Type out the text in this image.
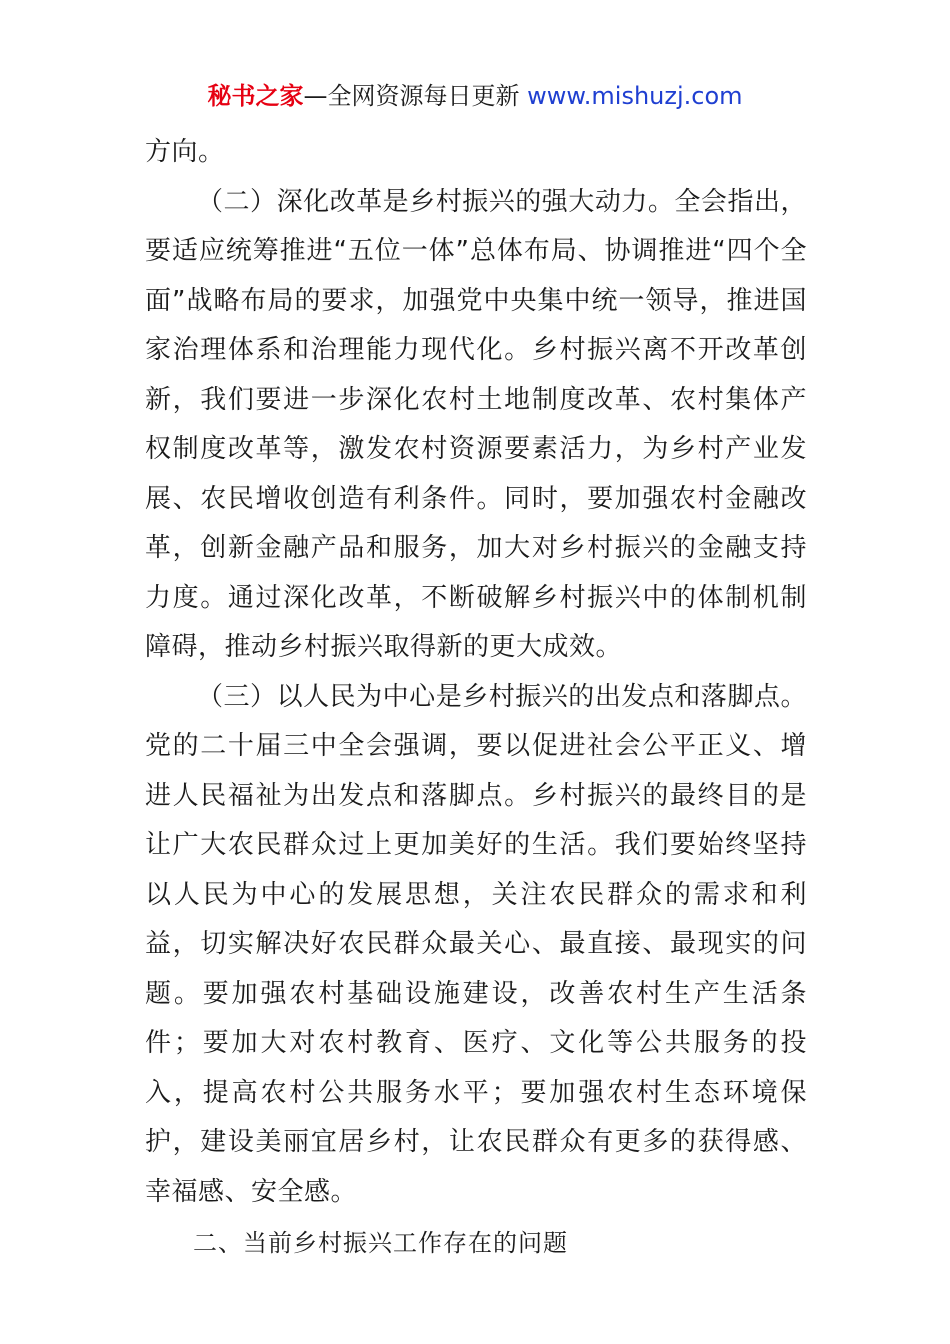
秘书之家—全网资源每日更新 www.mishuzj.com

方向。

（二）深化改革是乡村振兴的强大动力。全会指出，要适应统筹推进“五位一体”总体布局、协调推进“四个全面”战略布局的要求，加强党中央集中统一领导，推进国家治理体系和治理能力现代化。乡村振兴离不开改革创新，我们要进一步深化农村土地制度改革、农村集体产权制度改革等，激发农村资源要素活力，为乡村产业发展、农民增收创造有利条件。同时，要加强农村金融改革，创新金融产品和服务，加大对乡村振兴的金融支持力度。通过深化改革，不断破解乡村振兴中的体制机制障碍，推动乡村振兴取得新的更大成效。

（三）以人民为中心是乡村振兴的出发点和落脚点。党的二十届三中全会强调，要以促进社会公平正义、增进人民福祉为出发点和落脚点。乡村振兴的最终目的是让广大农民群众过上更加美好的生活。我们要始终坚持以人民为中心的发展思想，关注农民群众的需求和利益，切实解决好农民群众最关心、最直接、最现实的问题。要加强农村基础设施建设，改善农村生产生活条件；要加大对农村教育、医疗、文化等公共服务的投入，提高农村公共服务水平；要加强农村生态环境保护，建设美丽宜居乡村，让农民群众有更多的获得感、幸福感、安全感。

二、当前乡村振兴工作存在的问题
